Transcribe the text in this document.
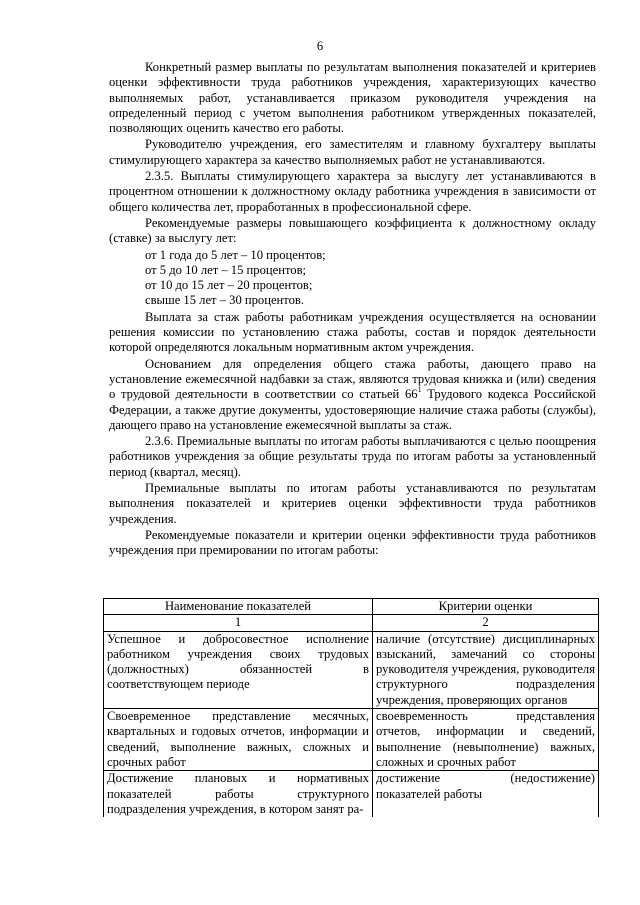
6

Конкретный размер выплаты по результатам выполнения показателей и критериев оценки эффективности труда работников учреждения, характеризующих качество выполняемых работ, устанавливается приказом руководителя учреждения на определенный период с учетом выполнения работником утвержденных показателей, позволяющих оценить качество его работы.

Руководителю учреждения, его заместителям и главному бухгалтеру выплаты стимулирующего характера за качество выполняемых работ не устанавливаются.

2.3.5. Выплаты стимулирующего характера за выслугу лет устанавливаются в процентном отношении к должностному окладу работника учреждения в зависимости от общего количества лет, проработанных в профессиональной сфере.

Рекомендуемые размеры повышающего коэффициента к должностному окладу (ставке) за выслугу лет:

от 1 года до 5 лет – 10 процентов;

от 5 до 10 лет – 15 процентов;

от 10 до 15 лет – 20 процентов;

свыше 15 лет – 30 процентов.

Выплата за стаж работы работникам учреждения осуществляется на основании решения комиссии по установлению стажа работы, состав и порядок деятельности которой определяются локальным нормативным актом учреждения.

Основанием для определения общего стажа работы, дающего право на установление ежемесячной надбавки за стаж, являются трудовая книжка и (или) сведения о трудовой деятельности в соответствии со статьей $66^1$ Трудового кодекса Российской Федерации, а также другие документы, удостоверяющие наличие стажа работы (службы), дающего право на установление ежемесячной выплаты за стаж.

2.3.6. Премиальные выплаты по итогам работы выплачиваются с целью поощрения работников учреждения за общие результаты труда по итогам работы за установленный период (квартал, месяц).

Премиальные выплаты по итогам работы устанавливаются по результатам выполнения показателей и критериев оценки эффективности труда работников учреждения.

Рекомендуемые показатели и критерии оценки эффективности труда работников учреждения при премировании по итогам работы:

Наименование показателей	Критерии оценки
1	2
Успешное и добросовестное исполнение работником учреждения своих трудовых (должностных) обязанностей в соответствующем периоде	наличие (отсутствие) дисциплинарных взысканий, замечаний со стороны руководителя учреждения, руководителя структурного подразделения учреждения, проверяющих органов
Своевременное представление месячных, квартальных и годовых отчетов, информации и сведений, выполнение важных, сложных и срочных работ	своевременность представления отчетов, информации и сведений, выполнение (невыполнение) важных, сложных и срочных работ
Достижение плановых и нормативных показателей работы структурного подразделения учреждения, в котором занят ра-	достижение (недостижение) показателей работы
